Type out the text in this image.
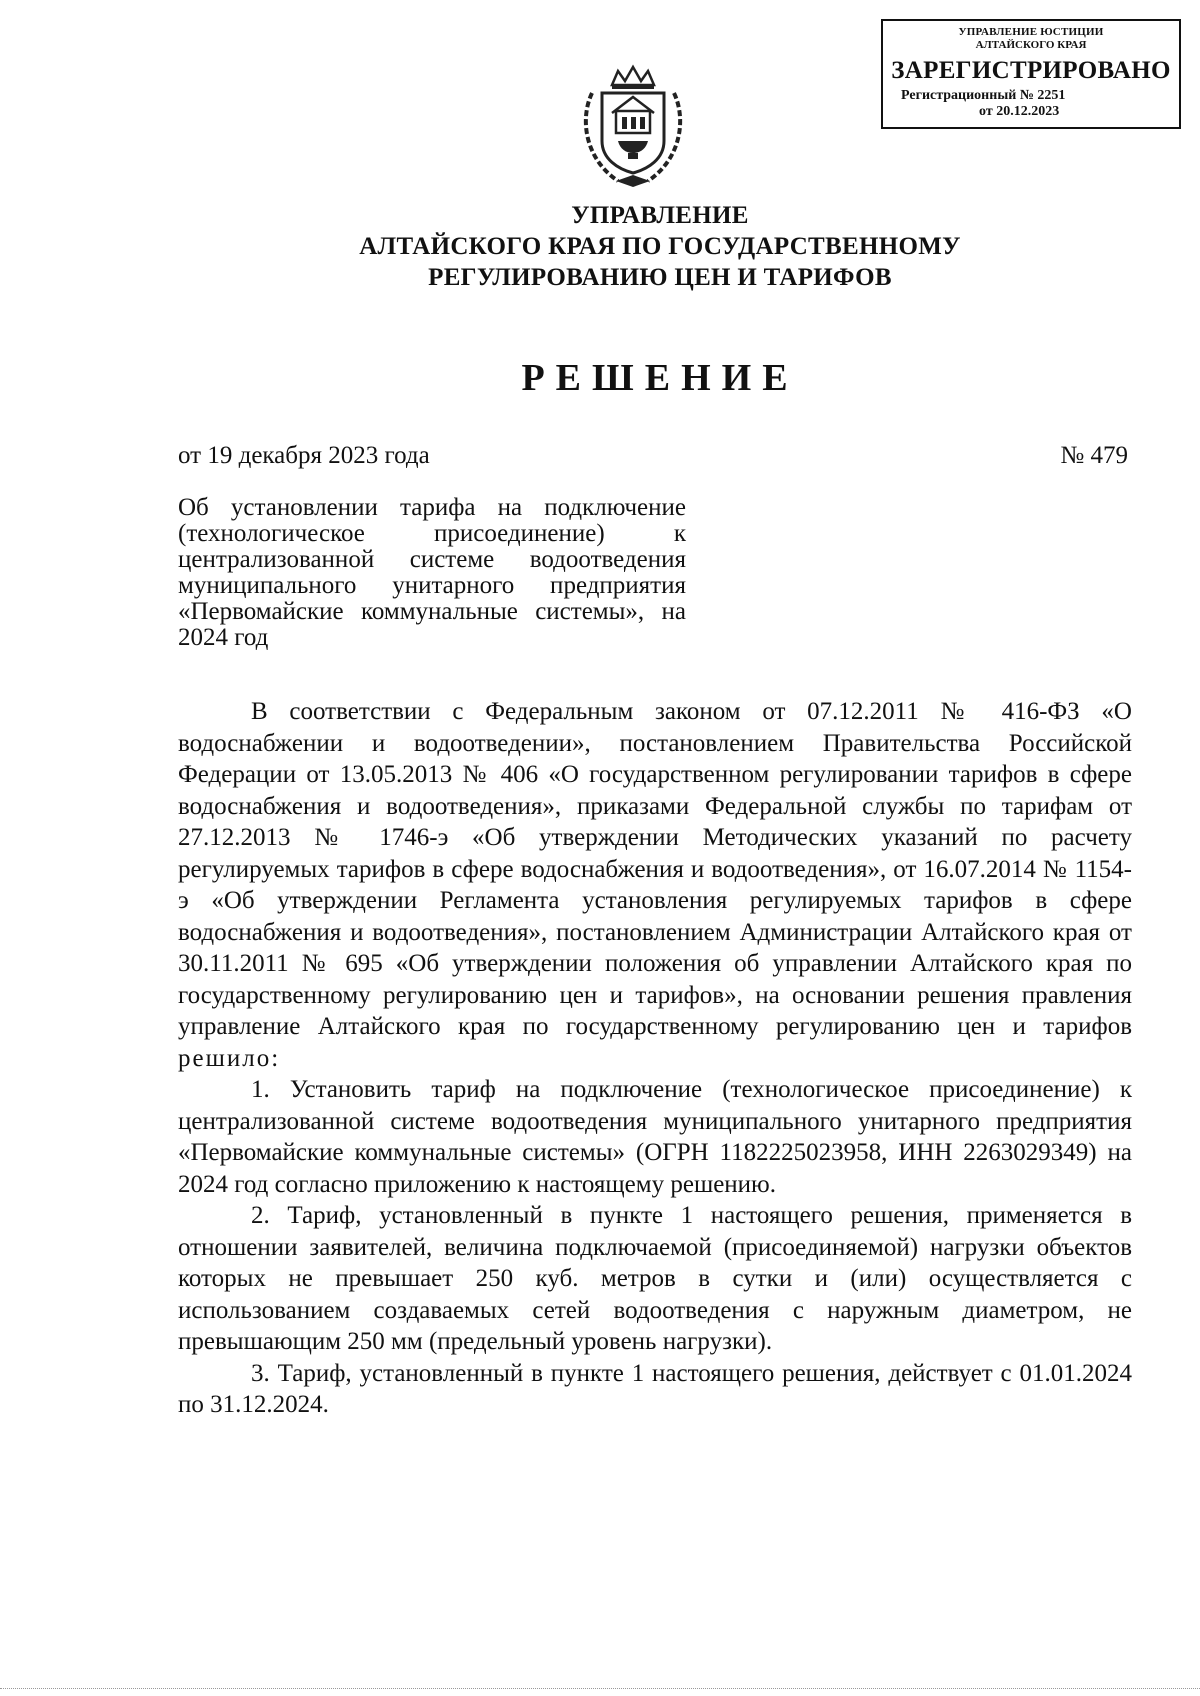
УПРАВЛЕНИЕ ЮСТИЦИИ
АЛТАЙСКОГО КРАЯ
ЗАРЕГИСТРИРОВАНО
Регистрационный № 2251
от 20.12.2023
УПРАВЛЕНИЕ
АЛТАЙСКОГО КРАЯ ПО ГОСУДАРСТВЕННОМУ
РЕГУЛИРОВАНИЮ ЦЕН И ТАРИФОВ
РЕШЕНИЕ
от 19 декабря 2023 года	№ 479
Об установлении тарифа на подключение (технологическое присоединение) к централизованной системе водоотведения муниципального унитарного предприятия «Первомайские коммунальные системы», на 2024 год

В соответствии с Федеральным законом от 07.12.2011 № 416-ФЗ «О водоснабжении и водоотведении», постановлением Правительства Российской Федерации от 13.05.2013 № 406 «О государственном регулировании тарифов в сфере водоснабжения и водоотведения», приказами Федеральной службы по тарифам от 27.12.2013 № 1746-э «Об утверждении Методических указаний по расчету регулируемых тарифов в сфере водоснабжения и водоотведения», от 16.07.2014 № 1154-э «Об утверждении Регламента установления регулируемых тарифов в сфере водоснабжения и водоотведения», постановлением Администрации Алтайского края от 30.11.2011 № 695 «Об утверждении положения об управлении Алтайского края по государственному регулированию цен и тарифов», на основании решения правления управление Алтайского края по государственному регулированию цен и тарифов решило:

1. Установить тариф на подключение (технологическое присоединение) к централизованной системе водоотведения муниципального унитарного предприятия «Первомайские коммунальные системы» (ОГРН 1182225023958, ИНН 2263029349) на 2024 год согласно приложению к настоящему решению.

2. Тариф, установленный в пункте 1 настоящего решения, применяется в отношении заявителей, величина подключаемой (присоединяемой) нагрузки объектов которых не превышает 250 куб. метров в сутки и (или) осуществляется с использованием создаваемых сетей водоотведения с наружным диаметром, не превышающим 250 мм (предельный уровень нагрузки).

3. Тариф, установленный в пункте 1 настоящего решения, действует с 01.01.2024 по 31.12.2024.
